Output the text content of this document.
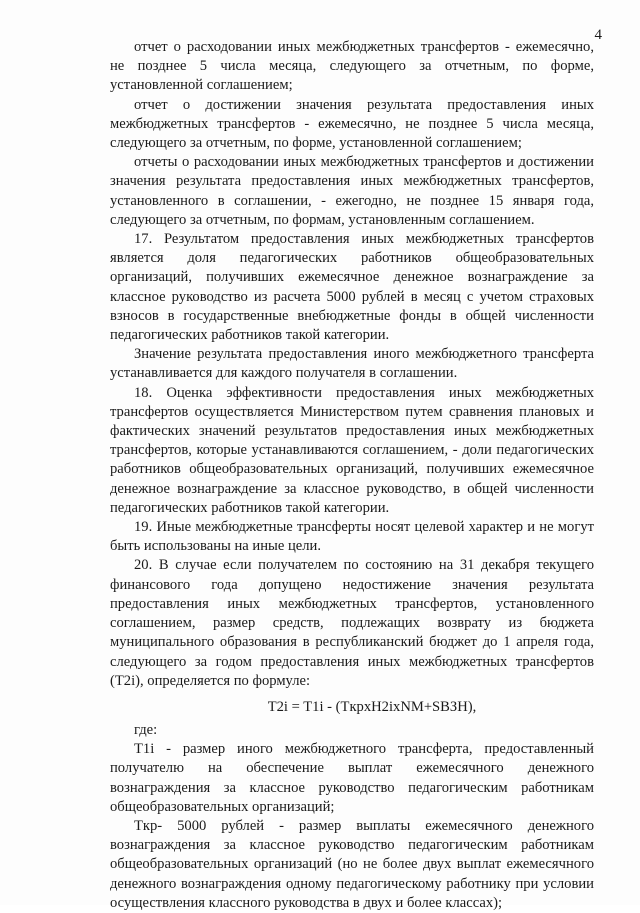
4

отчет о расходовании иных межбюджетных трансфертов - ежемесячно, не позднее 5 числа месяца, следующего за отчетным, по форме, установленной соглашением;

отчет о достижении значения результата предоставления иных межбюджетных трансфертов - ежемесячно, не позднее 5 числа месяца, следующего за отчетным, по форме, установленной соглашением;

отчеты о расходовании иных межбюджетных трансфертов и достижении значения результата предоставления иных межбюджетных трансфертов, установленного в соглашении, - ежегодно, не позднее 15 января года, следующего за отчетным, по формам, установленным соглашением.

17. Результатом предоставления иных межбюджетных трансфертов является доля педагогических работников общеобразовательных организаций, получивших ежемесячное денежное вознаграждение за классное руководство из расчета 5000 рублей в месяц с учетом страховых взносов в государственные внебюджетные фонды в общей численности педагогических работников такой категории.

Значение результата предоставления иного межбюджетного трансферта устанавливается для каждого получателя в соглашении.

18. Оценка эффективности предоставления иных межбюджетных трансфертов осуществляется Министерством путем сравнения плановых и фактических значений результатов предоставления иных межбюджетных трансфертов, которые устанавливаются соглашением, - доли педагогических работников общеобразовательных организаций, получивших ежемесячное денежное вознаграждение за классное руководство, в общей численности педагогических работников такой категории.

19. Иные межбюджетные трансферты носят целевой характер и не могут быть использованы на иные цели.

20. В случае если получателем по состоянию на 31 декабря текущего финансового года допущено недостижение значения результата предоставления иных межбюджетных трансфертов, установленного соглашением, размер средств, подлежащих возврату из бюджета муниципального образования в республиканский бюджет до 1 апреля года, следующего за годом предоставления иных межбюджетных трансфертов (T2i), определяется по формуле:

T2i = T1i - (TкрxH2ixNM+SВЗН),

где:

T1i - размер иного межбюджетного трансферта, предоставленный получателю на обеспечение выплат ежемесячного денежного вознаграждения за классное руководство педагогическим работникам общеобразовательных организаций;

Tкр- 5000 рублей - размер выплаты ежемесячного денежного вознаграждения за классное руководство педагогическим работникам общеобразовательных организаций (но не более двух выплат ежемесячного денежного вознаграждения одному педагогическому работнику при условии осуществления классного руководства в двух и более классах);
